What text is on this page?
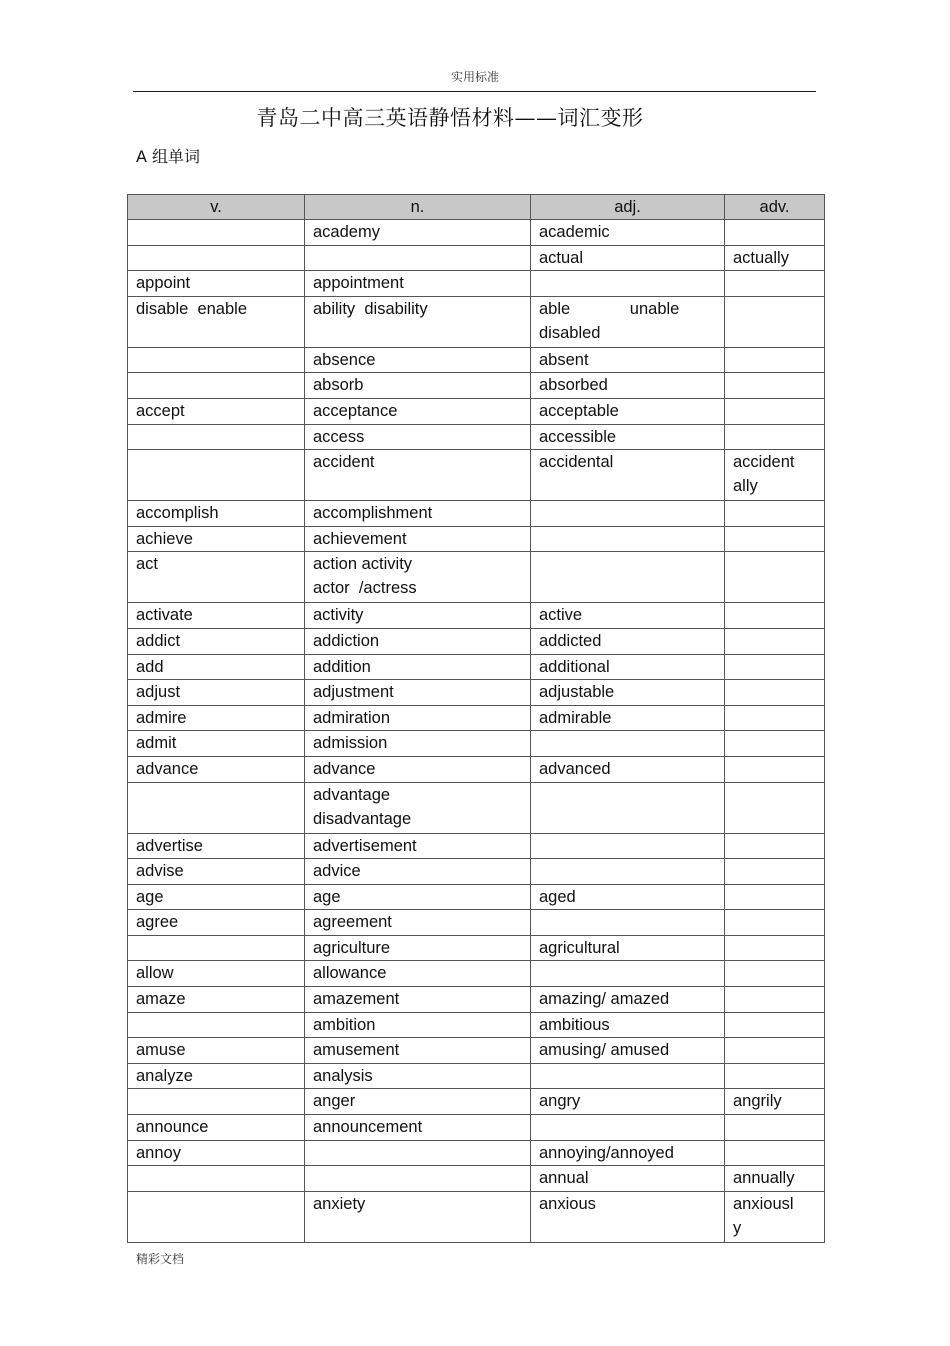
实用标准
青岛二中高三英语静悟材料——词汇变形
A 组单词
v.	n.	adj.	adv.
	academy	academic	
		actual	actually
appoint	appointment		
disable  enable	ability  disability	able             unable
disabled	
	absence	absent	
	absorb	absorbed	
accept	acceptance	acceptable	
	access	accessible	
	accident	accidental	accident
ally
accomplish	accomplishment		
achieve	achievement		
act	action activity
actor  /actress		
activate	activity	active	
addict	addiction	addicted	
add	addition	additional	
adjust	adjustment	adjustable	
admire	admiration	admirable	
admit	admission		
advance	advance	advanced	
	advantage
disadvantage		
advertise	advertisement		
advise	advice		
age	age	aged	
agree	agreement		
	agriculture	agricultural	
allow	allowance		
amaze	amazement	amazing/ amazed	
	ambition	ambitious	
amuse	amusement	amusing/ amused	
analyze	analysis		
	anger	angry	angrily
announce	announcement		
annoy		annoying/annoyed	
		annual	annually
	anxiety	anxious	anxiousl
y
精彩文档
